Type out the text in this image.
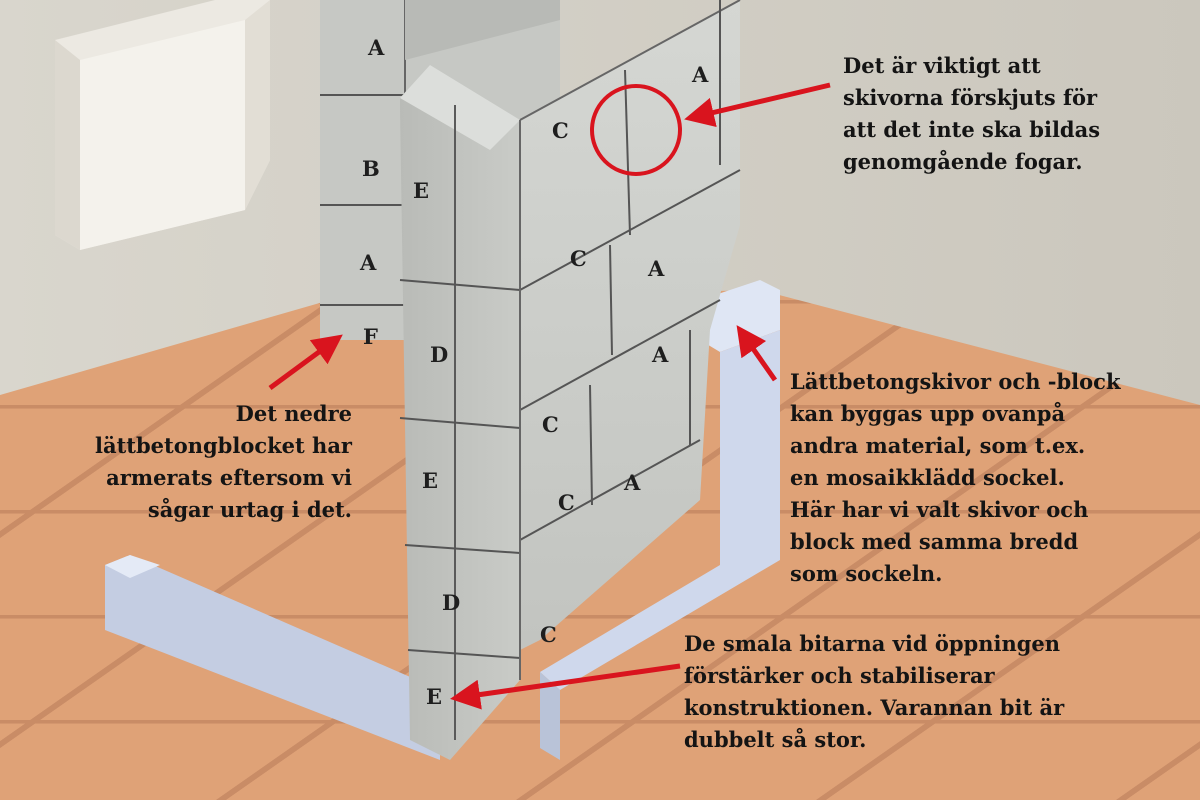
A
B
A
F
E
D
E
D
E
C
C
C
C
C
A
A
A
A

Det är viktigt att
skivorna förskjuts för
att det inte ska bildas
genomgående fogar.

Det nedre
lättbetongblocket har
armerats eftersom vi
sågar urtag i det.

Lättbetongskivor och -block
kan byggas upp ovanpå
andra material, som t.ex.
en mosaikklädd sockel.
Här har vi valt skivor och
block med samma bredd
som sockeln.

De smala bitarna vid öppningen
förstärker och stabiliserar
konstruktionen. Varannan bit är
dubbelt så stor.
